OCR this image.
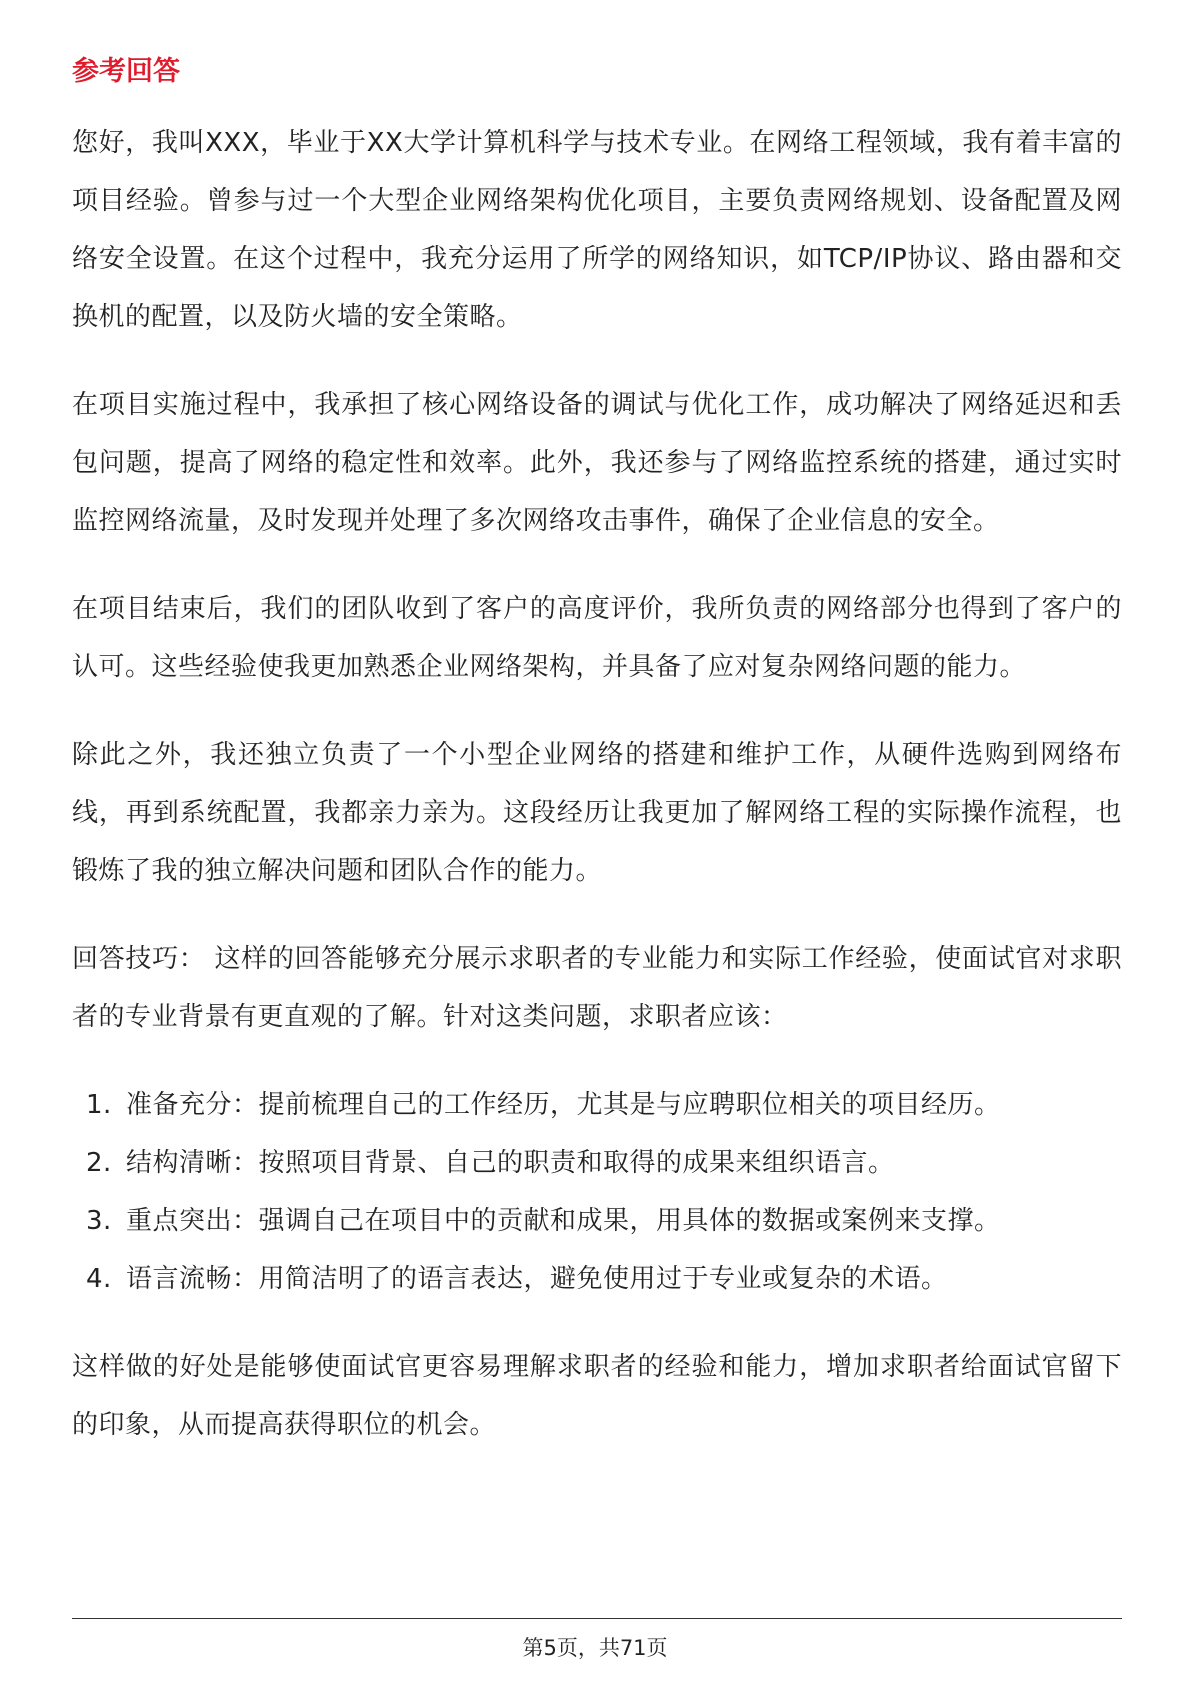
参考回答

您好，我叫XXX，毕业于XX大学计算机科学与技术专业。在网络工程领域，我有着丰富的项目经验。曾参与过一个大型企业网络架构优化项目，主要负责网络规划、设备配置及网络安全设置。在这个过程中，我充分运用了所学的网络知识，如TCP/IP协议、路由器和交换机的配置，以及防火墙的安全策略。

在项目实施过程中，我承担了核心网络设备的调试与优化工作，成功解决了网络延迟和丢包问题，提高了网络的稳定性和效率。此外，我还参与了网络监控系统的搭建，通过实时监控网络流量，及时发现并处理了多次网络攻击事件，确保了企业信息的安全。

在项目结束后，我们的团队收到了客户的高度评价，我所负责的网络部分也得到了客户的认可。这些经验使我更加熟悉企业网络架构，并具备了应对复杂网络问题的能力。

除此之外，我还独立负责了一个小型企业网络的搭建和维护工作，从硬件选购到网络布线，再到系统配置，我都亲力亲为。这段经历让我更加了解网络工程的实际操作流程，也锻炼了我的独立解决问题和团队合作的能力。

回答技巧： 这样的回答能够充分展示求职者的专业能力和实际工作经验，使面试官对求职者的专业背景有更直观的了解。针对这类问题，求职者应该：

1. 准备充分：提前梳理自己的工作经历，尤其是与应聘职位相关的项目经历。
2. 结构清晰：按照项目背景、自己的职责和取得的成果来组织语言。
3. 重点突出：强调自己在项目中的贡献和成果，用具体的数据或案例来支撑。
4. 语言流畅：用简洁明了的语言表达，避免使用过于专业或复杂的术语。

这样做的好处是能够使面试官更容易理解求职者的经验和能力，增加求职者给面试官留下的印象，从而提高获得职位的机会。

第5页，共71页
